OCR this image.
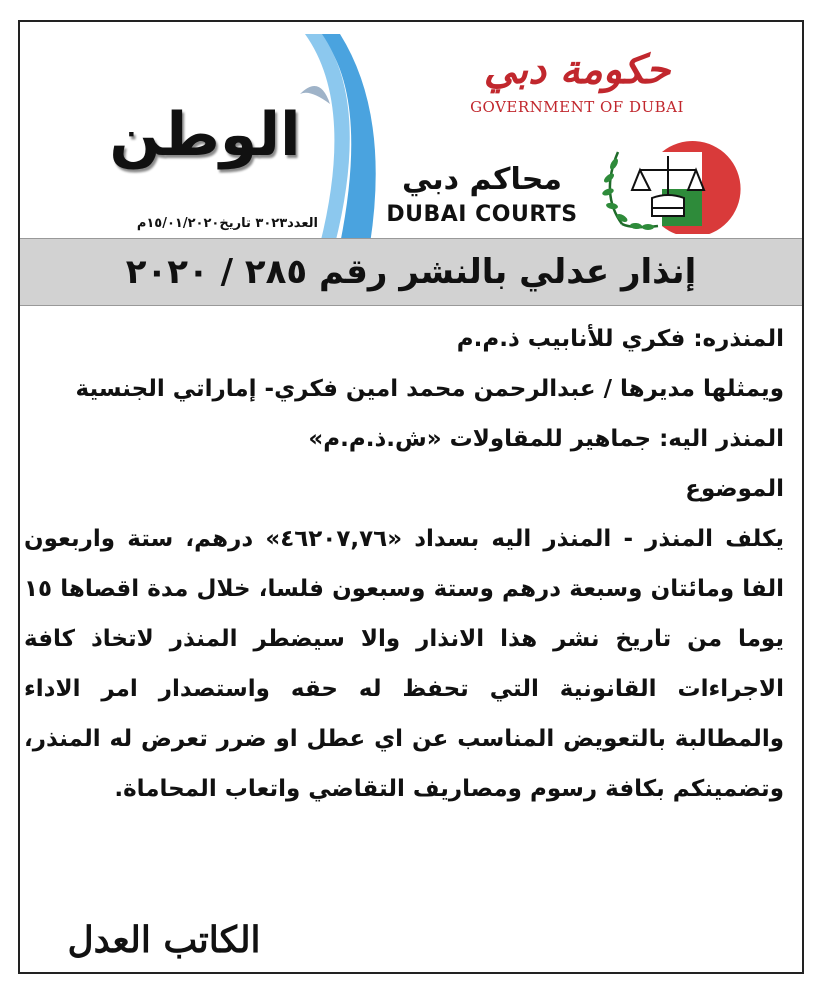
حكومة دبي
GOVERNMENT OF DUBAI
محاكم دبي
DUBAI COURTS
الوطن
العدد٣٠٢٣ تاريخ١٥/٠١/٢٠٢٠م
إنذار عدلي بالنشر رقم ٢٨٥ / ٢٠٢٠

المنذره: فكري للأنابيب ذ.م.م

ويمثلها مديرها / عبدالرحمن محمد امين فكري- إماراتي الجنسية

المنذر اليه: جماهير للمقاولات «ش.ذ.م.م»

الموضوع

يكلف المنذر - المنذر اليه بسداد «٤٦٢٠٧,٧٦» درهم، ستة واربعون الفا ومائتان وسبعة درهم وستة وسبعون فلسا، خلال مدة اقصاها ١٥ يوما من تاريخ نشر هذا الانذار والا سيضطر المنذر لاتخاذ كافة الاجراءات القانونية التي تحفظ له حقه واستصدار امر الاداء والمطالبة بالتعويض المناسب عن اي عطل او ضرر تعرض له المنذر، وتضمينكم بكافة رسوم ومصاريف التقاضي واتعاب المحاماة.

الكاتب العدل
